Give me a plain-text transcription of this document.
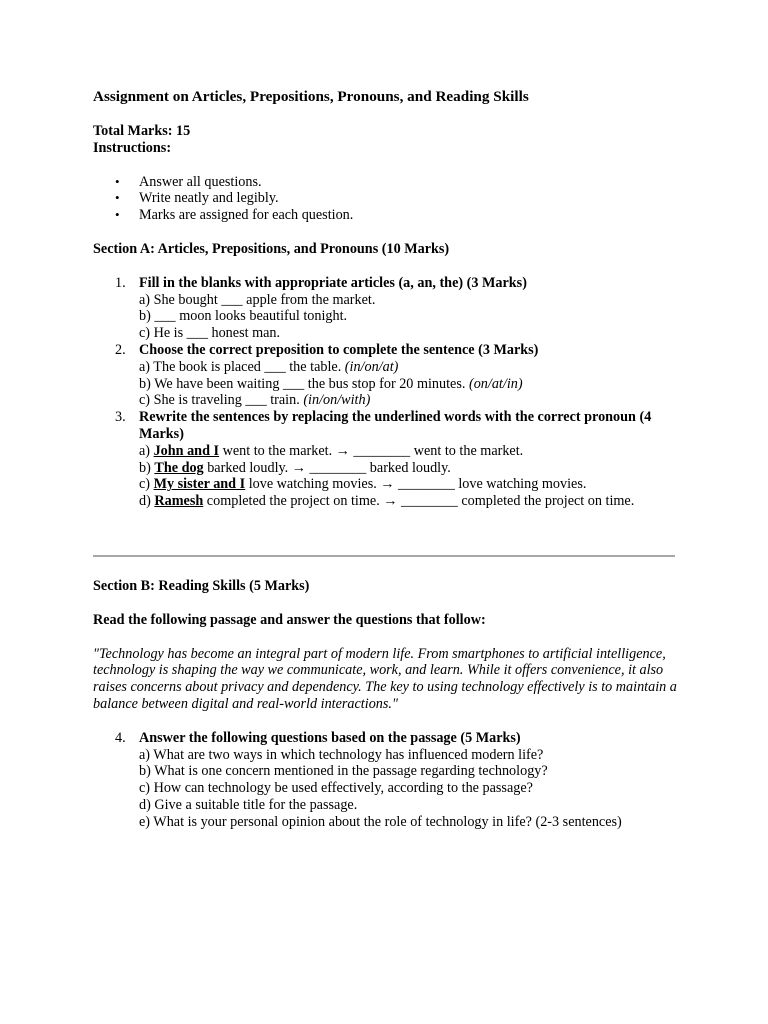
Assignment on Articles, Prepositions, Pronouns, and Reading Skills
Total Marks: 15
Instructions:
• Answer all questions.
• Write neatly and legibly.
• Marks are assigned for each question.
Section A: Articles, Prepositions, and Pronouns (10 Marks)
1. Fill in the blanks with appropriate articles (a, an, the) (3 Marks)
a) She bought ___ apple from the market.
b) ___ moon looks beautiful tonight.
c) He is ___ honest man.
2. Choose the correct preposition to complete the sentence (3 Marks)
a) The book is placed ___ the table. (in/on/at)
b) We have been waiting ___ the bus stop for 20 minutes. (on/at/in)
c) She is traveling ___ train. (in/on/with)
3. Rewrite the sentences by replacing the underlined words with the correct pronoun (4 Marks)
a) John and I went to the market. → ________ went to the market.
b) The dog barked loudly. → ________ barked loudly.
c) My sister and I love watching movies. → ________ love watching movies.
d) Ramesh completed the project on time. → ________ completed the project on time.
Section B: Reading Skills (5 Marks)
Read the following passage and answer the questions that follow:
"Technology has become an integral part of modern life. From smartphones to artificial intelligence, technology is shaping the way we communicate, work, and learn. While it offers convenience, it also raises concerns about privacy and dependency. The key to using technology effectively is to maintain a balance between digital and real-world interactions."
4. Answer the following questions based on the passage (5 Marks)
a) What are two ways in which technology has influenced modern life?
b) What is one concern mentioned in the passage regarding technology?
c) How can technology be used effectively, according to the passage?
d) Give a suitable title for the passage.
e) What is your personal opinion about the role of technology in life? (2-3 sentences)
